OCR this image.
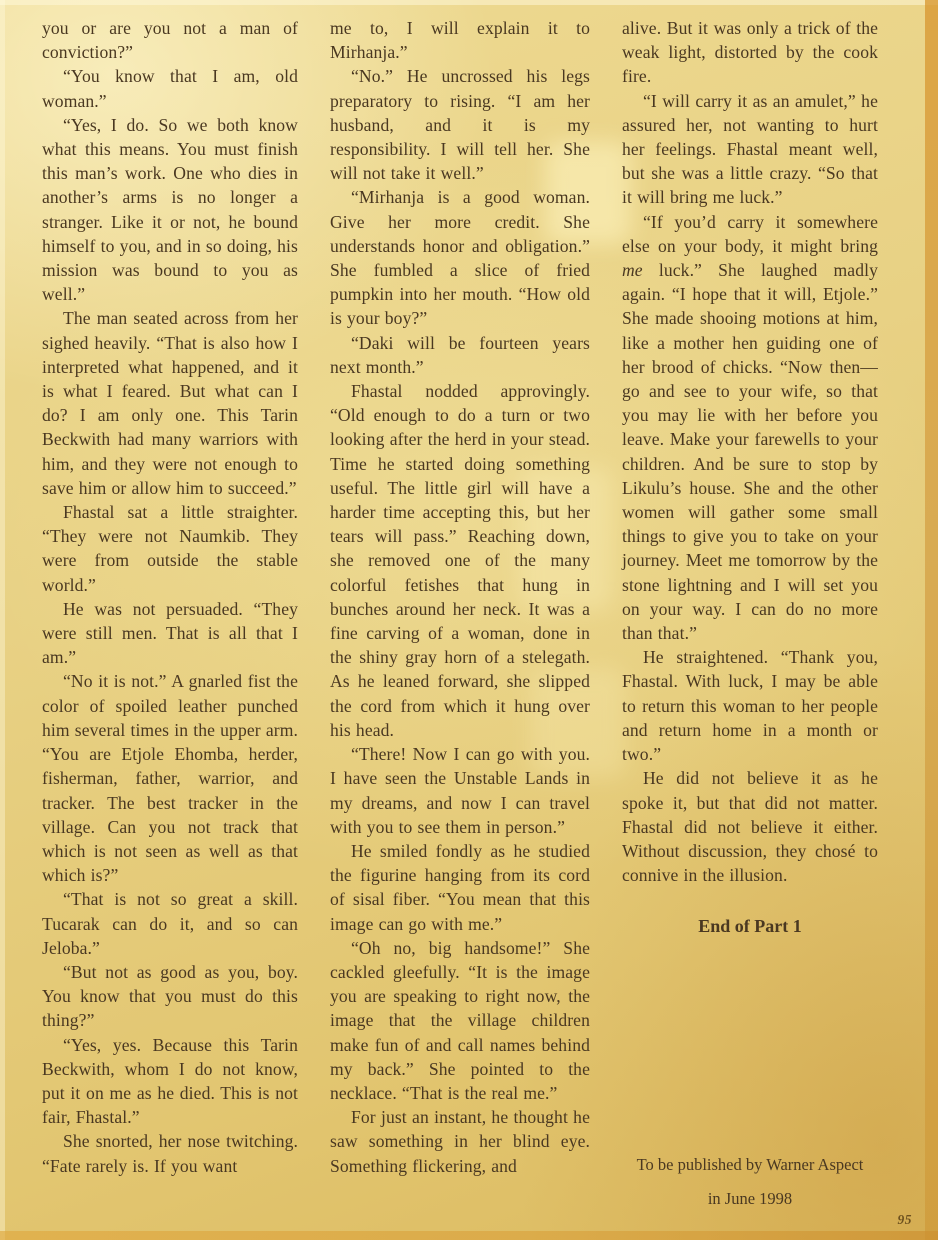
you or are you not a man of conviction?”

“You know that I am, old woman.”

“Yes, I do. So we both know what this means. You must finish this man’s work. One who dies in another’s arms is no longer a stranger. Like it or not, he bound himself to you, and in so doing, his mission was bound to you as well.”

The man seated across from her sighed heavily. “That is also how I interpreted what happened, and it is what I feared. But what can I do? I am only one. This Tarin Beckwith had many warriors with him, and they were not enough to save him or allow him to succeed.”

Fhastal sat a little straighter. “They were not Naumkib. They were from outside the stable world.”

He was not persuaded. “They were still men. That is all that I am.”

“No it is not.” A gnarled fist the color of spoiled leather punched him several times in the upper arm. “You are Etjole Ehomba, herder, fisherman, father, warrior, and tracker. The best tracker in the village. Can you not track that which is not seen as well as that which is?”

“That is not so great a skill. Tucarak can do it, and so can Jeloba.”

“But not as good as you, boy. You know that you must do this thing?”

“Yes, yes. Because this Tarin Beckwith, whom I do not know, put it on me as he died. This is not fair, Fhastal.”

She snorted, her nose twitching. “Fate rarely is. If you want

me to, I will explain it to Mirhanja.”

“No.” He uncrossed his legs preparatory to rising. “I am her husband, and it is my responsibility. I will tell her. She will not take it well.”

“Mirhanja is a good woman. Give her more credit. She understands honor and obligation.” She fumbled a slice of fried pumpkin into her mouth. “How old is your boy?”

“Daki will be fourteen years next month.”

Fhastal nodded approvingly. “Old enough to do a turn or two looking after the herd in your stead. Time he started doing something useful. The little girl will have a harder time accepting this, but her tears will pass.” Reaching down, she removed one of the many colorful fetishes that hung in bunches around her neck. It was a fine carving of a woman, done in the shiny gray horn of a stelegath. As he leaned forward, she slipped the cord from which it hung over his head.

“There! Now I can go with you. I have seen the Unstable Lands in my dreams, and now I can travel with you to see them in person.”

He smiled fondly as he studied the figurine hanging from its cord of sisal fiber. “You mean that this image can go with me.”

“Oh no, big handsome!” She cackled gleefully. “It is the image you are speaking to right now, the image that the village children make fun of and call names behind my back.” She pointed to the necklace. “That is the real me.”

For just an instant, he thought he saw something in her blind eye. Something flickering, and

alive. But it was only a trick of the weak light, distorted by the cook fire.

“I will carry it as an amulet,” he assured her, not wanting to hurt her feelings. Fhastal meant well, but she was a little crazy. “So that it will bring me luck.”

“If you’d carry it somewhere else on your body, it might bring me luck.” She laughed madly again. “I hope that it will, Etjole.” She made shooing motions at him, like a mother hen guiding one of her brood of chicks. “Now then—go and see to your wife, so that you may lie with her before you leave. Make your farewells to your children. And be sure to stop by Likulu’s house. She and the other women will gather some small things to give you to take on your journey. Meet me tomorrow by the stone lightning and I will set you on your way. I can do no more than that.”

He straightened. “Thank you, Fhastal. With luck, I may be able to return this woman to her people and return home in a month or two.”

He did not believe it as he spoke it, but that did not matter. Fhastal did not believe it either. Without discussion, they chosé to connive in the illusion.

End of Part 1
To be published by Warner Aspect
in June 1998
95
